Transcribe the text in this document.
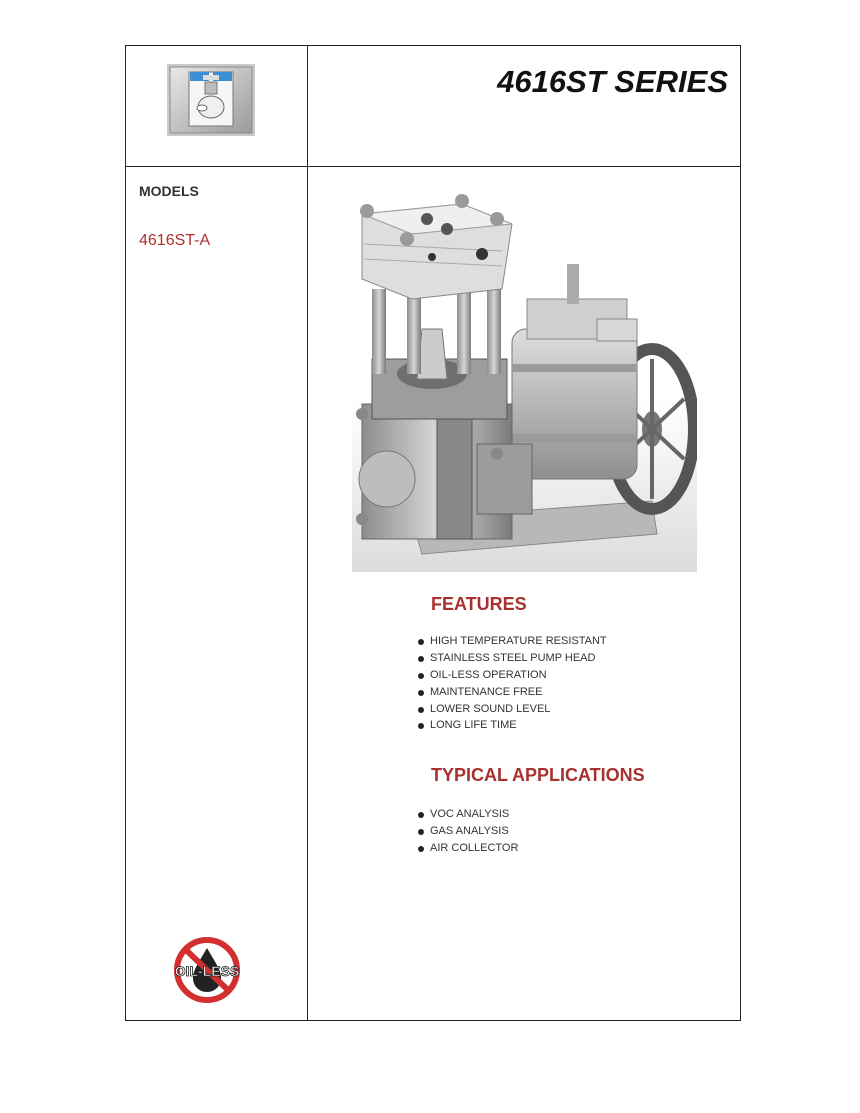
4616ST SERIES

MODELS

4616ST-A

FEATURES
HIGH TEMPERATURE RESISTANT
STAINLESS STEEL PUMP HEAD
OIL-LESS OPERATION
MAINTENANCE FREE
LOWER SOUND LEVEL
LONG LIFE TIME
TYPICAL APPLICATIONS
VOC ANALYSIS
GAS ANALYSIS
AIR COLLECTOR
OIL-LESS
